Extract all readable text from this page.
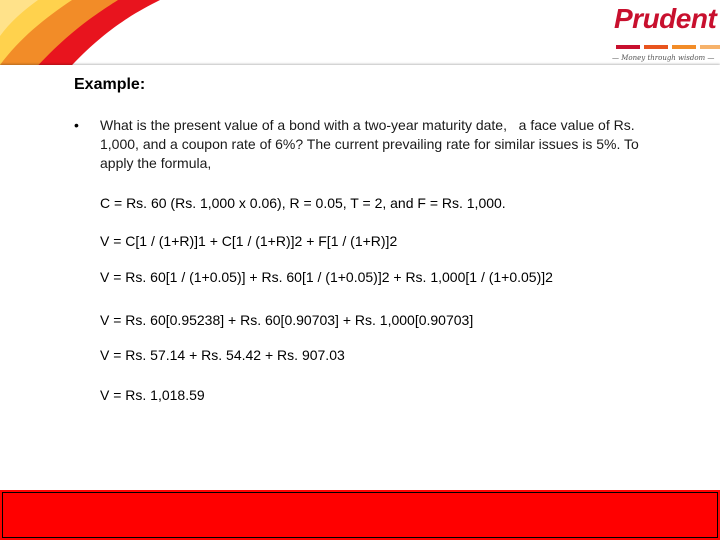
Prudent
— Money through wisdom —
Example:
• What is the present value of a bond with a two-year maturity date,   a face value of Rs. 1,000, and a coupon rate of 6%? The current prevailing rate for similar issues is 5%. To apply the formula,
C = Rs. 60 (Rs. 1,000 x 0.06), R = 0.05, T = 2, and F = Rs. 1,000.
V = C[1 / (1+R)]1 + C[1 / (1+R)]2 + F[1 / (1+R)]2
V = Rs. 60[1 / (1+0.05)] + Rs. 60[1 / (1+0.05)]2 + Rs. 1,000[1 / (1+0.05)]2
V = Rs. 60[0.95238] + Rs. 60[0.90703] + Rs. 1,000[0.90703]
V = Rs. 57.14 + Rs. 54.42 + Rs. 907.03
V = Rs. 1,018.59
